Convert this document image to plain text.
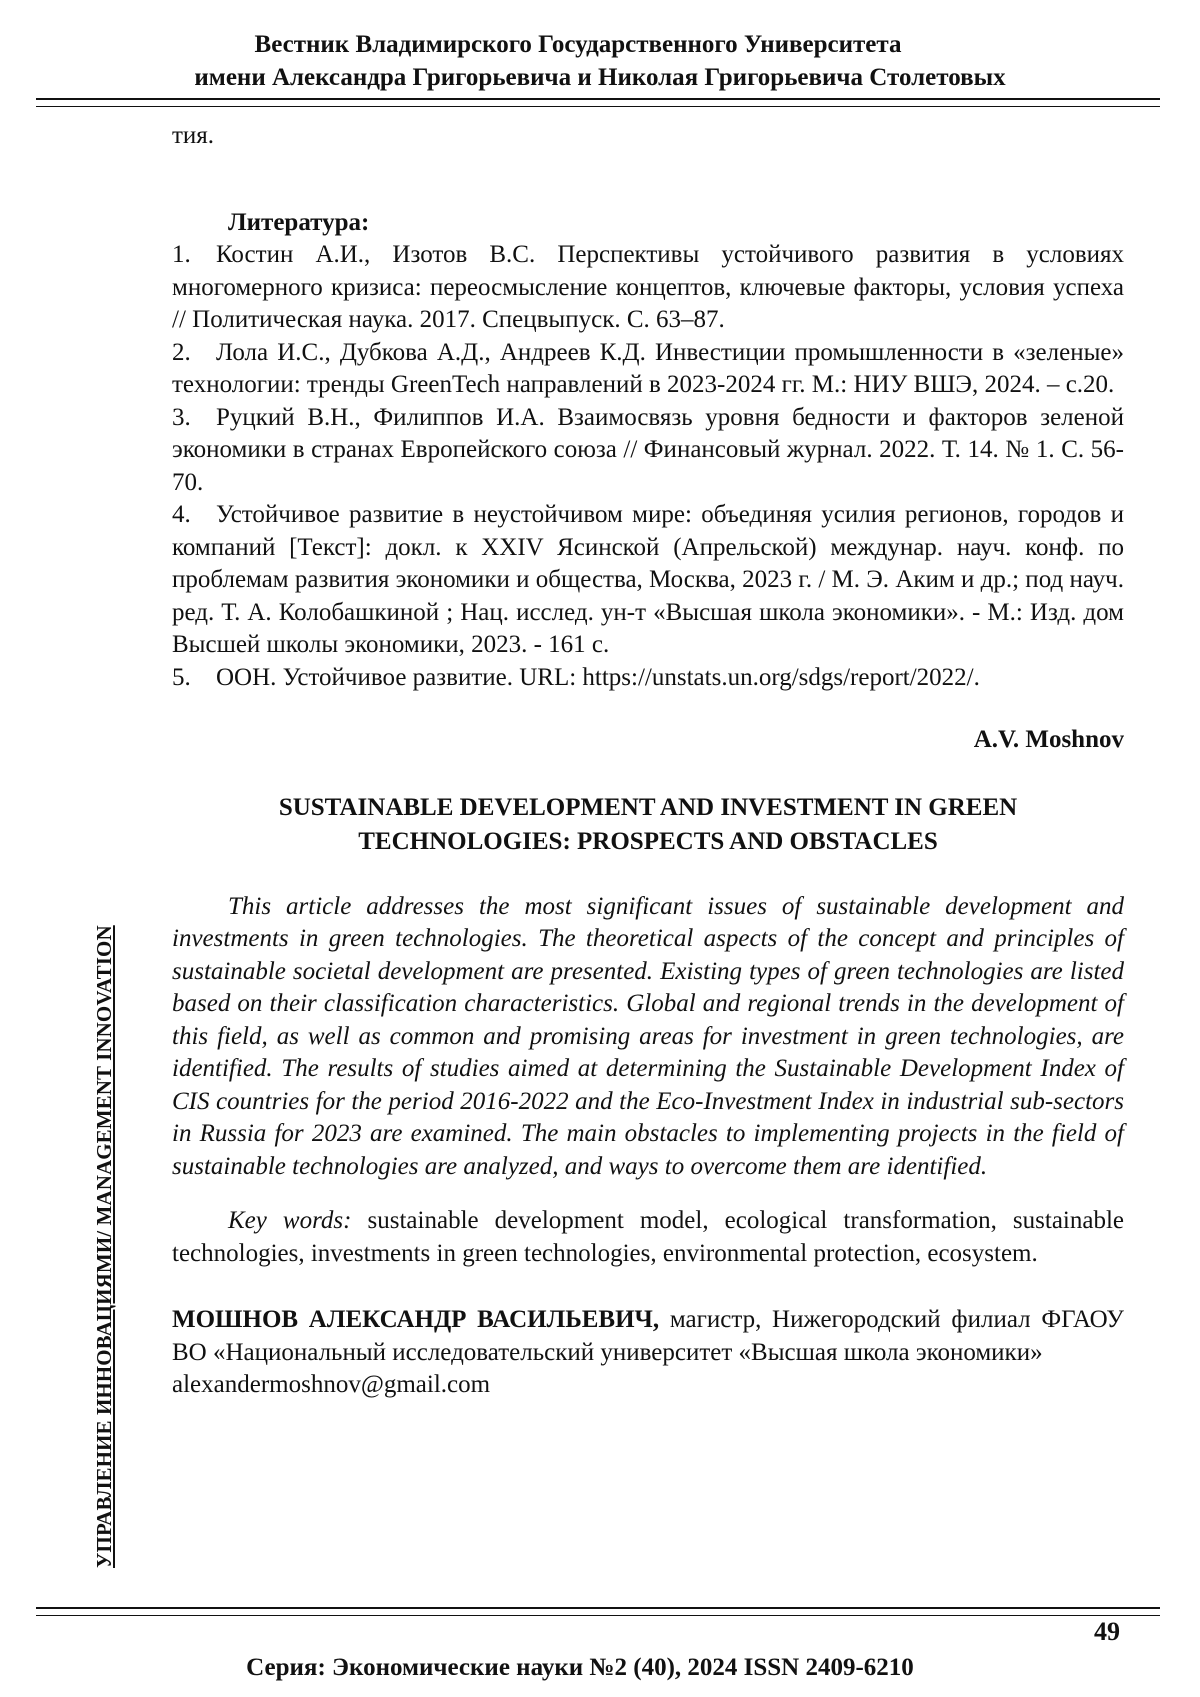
Вестник Владимирского Государственного Университета
имени Александра Григорьевича и Николая Григорьевича Столетовых
УПРАВЛЕНИЕ ИННОВАЦИЯМИ/ MANAGEMENT INNOVATION

тия.

Литература:

1. Костин А.И., Изотов В.С. Перспективы устойчивого развития в условиях многомерного кризиса: переосмысление концептов, ключевые факторы, условия успеха // Политическая наука. 2017. Спецвыпуск. С. 63–87.

2. Лола И.С., Дубкова А.Д., Андреев К.Д. Инвестиции промышленности в «зеленые» технологии: тренды GreenTech направлений в 2023-2024 гг. М.: НИУ ВШЭ, 2024. – с.20.

3. Руцкий В.Н., Филиппов И.А. Взаимосвязь уровня бедности и факторов зеленой экономики в странах Европейского союза // Финансовый журнал. 2022. Т. 14. № 1. С. 56-70.

4. Устойчивое развитие в неустойчивом мире: объединяя усилия регионов, городов и компаний [Текст]: докл. к XXIV Ясинской (Апрельской) междунар. науч. конф. по проблемам развития экономики и общества, Москва, 2023 г. / М. Э. Аким и др.; под науч. ред. Т. А. Колобашкиной ; Нац. исслед. ун-т «Высшая школа экономики». - М.: Изд. дом Высшей школы экономики, 2023. - 161 с.

5. ООН. Устойчивое развитие. URL: https://unstats.un.org/sdgs/report/2022/.

A.V. Moshnov

SUSTAINABLE DEVELOPMENT AND INVESTMENT IN GREEN
TECHNOLOGIES: PROSPECTS AND OBSTACLES

This article addresses the most significant issues of sustainable development and investments in green technologies. The theoretical aspects of the concept and principles of sustainable societal development are presented. Existing types of green technologies are listed based on their classification characteristics. Global and regional trends in the development of this field, as well as common and promising areas for investment in green technologies, are identified. The results of studies aimed at determining the Sustainable Development Index of CIS countries for the period 2016-2022 and the Eco-Investment Index in industrial sub-sectors in Russia for 2023 are examined. The main obstacles to implementing projects in the field of sustainable technologies are analyzed, and ways to overcome them are identified.

Key words: sustainable development model, ecological transformation, sustainable technologies, investments in green technologies, environmental protection, ecosystem.

МОШНОВ АЛЕКСАНДР ВАСИЛЬЕВИЧ, магистр, Нижегородский филиал ФГАОУ ВО «Национальный исследовательский университет «Высшая школа экономики»
alexandermoshnov@gmail.com

49
Серия: Экономические науки №2 (40), 2024 ISSN 2409-6210
